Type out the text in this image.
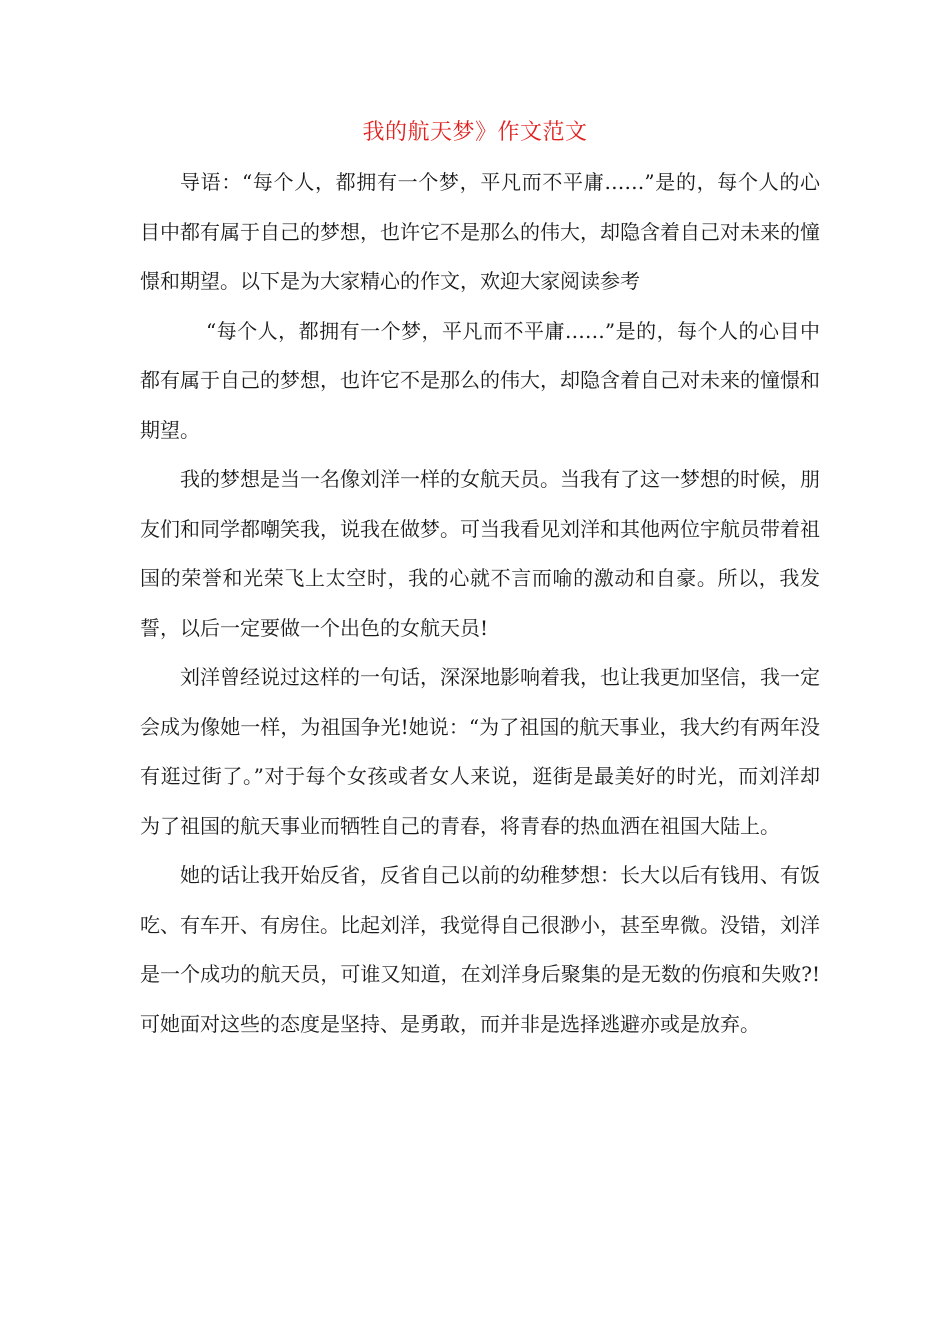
我的航天梦》作文范文

导语：“每个人，都拥有一个梦，平凡而不平庸……”是的，每个人的心目中都有属于自己的梦想，也许它不是那么的伟大，却隐含着自己对未来的憧憬和期望。以下是为大家精心的作文，欢迎大家阅读参考

“每个人，都拥有一个梦，平凡而不平庸……”是的，每个人的心目中都有属于自己的梦想，也许它不是那么的伟大，却隐含着自己对未来的憧憬和期望。

我的梦想是当一名像刘洋一样的女航天员。当我有了这一梦想的时候，朋友们和同学都嘲笑我，说我在做梦。可当我看见刘洋和其他两位宇航员带着祖国的荣誉和光荣飞上太空时，我的心就不言而喻的激动和自豪。所以，我发誓，以后一定要做一个出色的女航天员!

刘洋曾经说过这样的一句话，深深地影响着我，也让我更加坚信，我一定会成为像她一样，为祖国争光!她说：“为了祖国的航天事业，我大约有两年没有逛过街了。”对于每个女孩或者女人来说，逛街是最美好的时光，而刘洋却为了祖国的航天事业而牺牲自己的青春，将青春的热血洒在祖国大陆上。

她的话让我开始反省，反省自己以前的幼稚梦想：长大以后有钱用、有饭吃、有车开、有房住。比起刘洋，我觉得自己很渺小，甚至卑微。没错，刘洋是一个成功的航天员，可谁又知道，在刘洋身后聚集的是无数的伤痕和失败?!可她面对这些的态度是坚持、是勇敢，而并非是选择逃避亦或是放弃。
